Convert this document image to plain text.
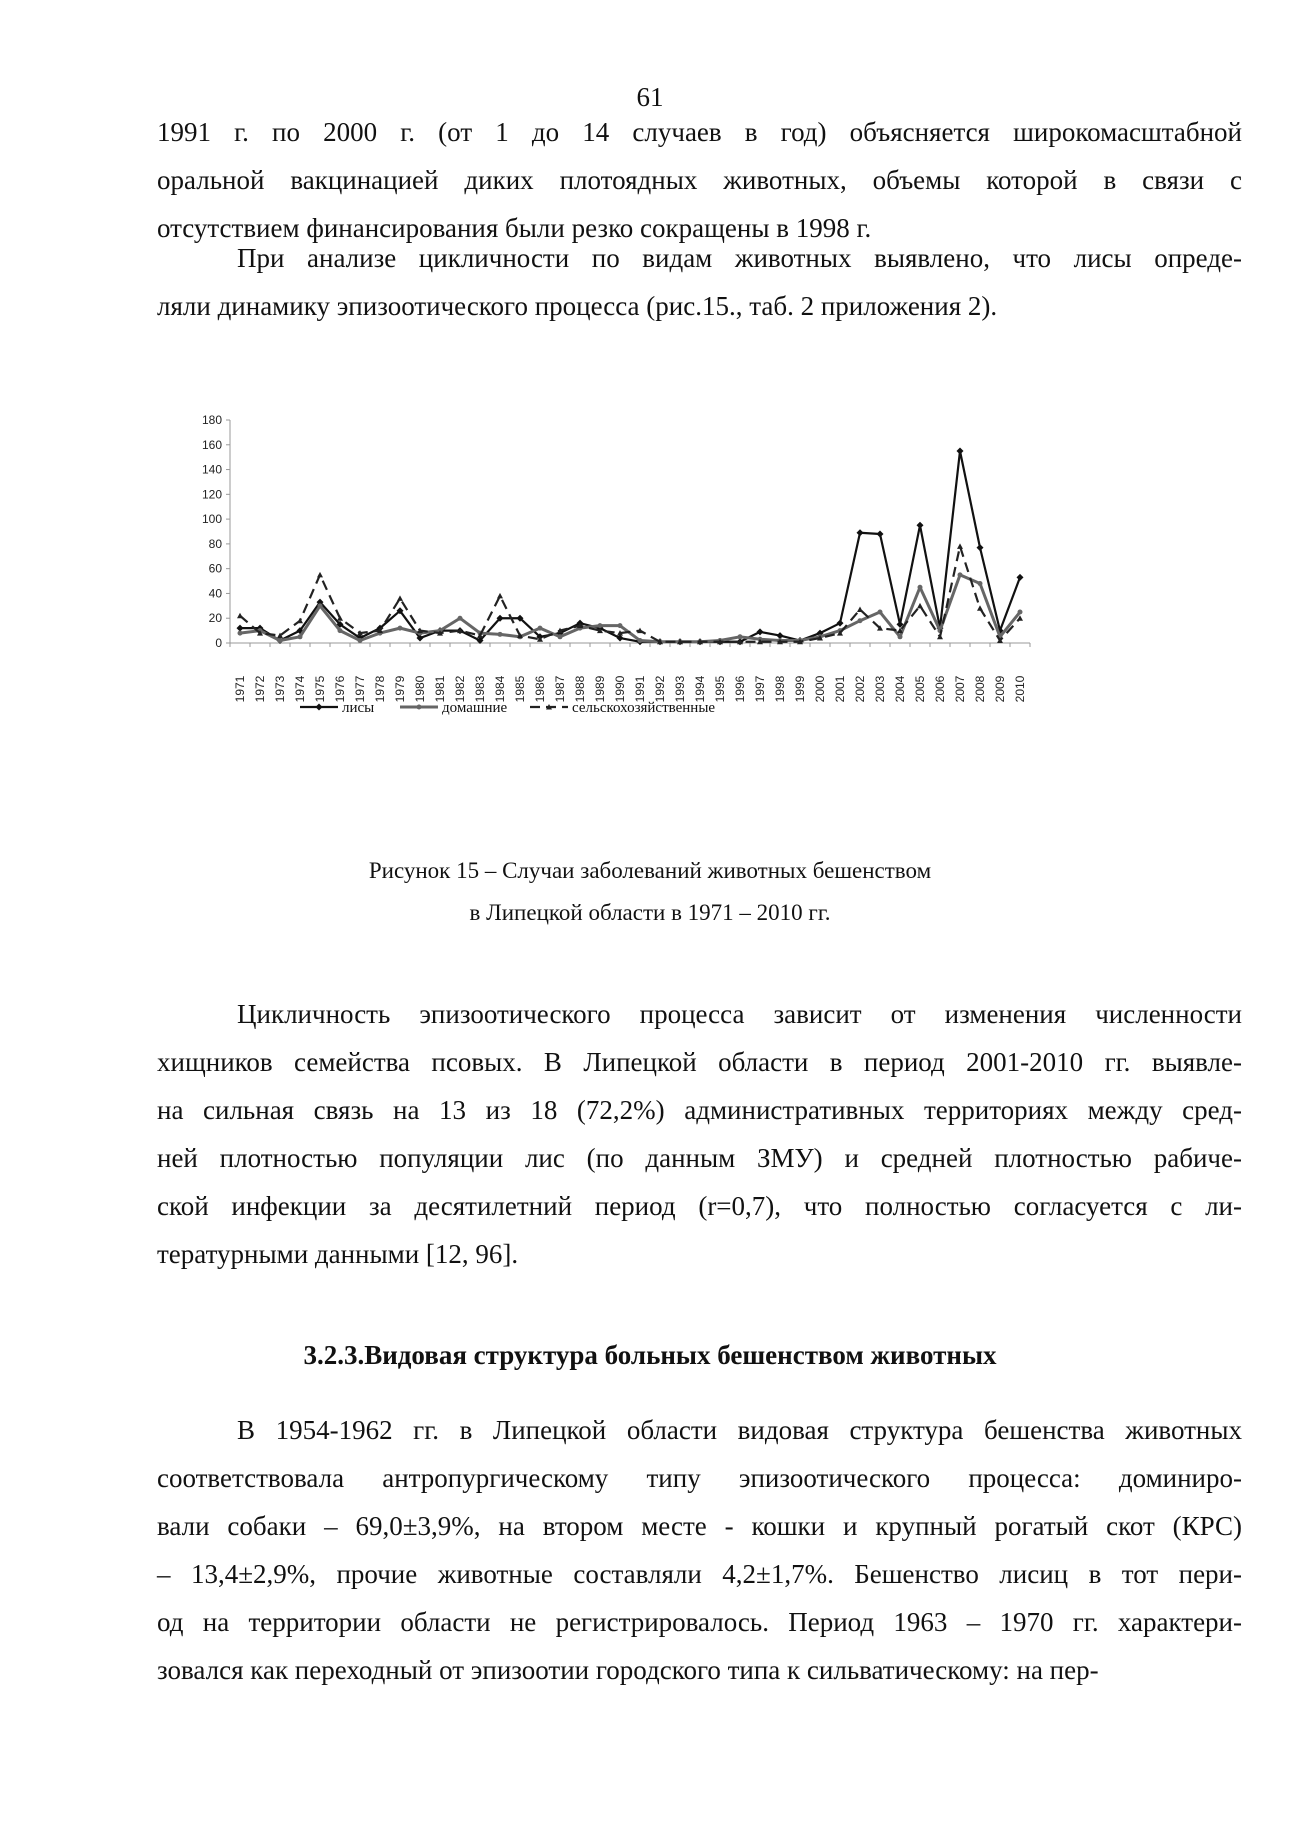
61
1991 г. по 2000 г. (от 1 до 14 случаев в год) объясняется широкомасштабной
оральной вакцинацией диких плотоядных животных, объемы которой в связи с
отсутствием финансирования были резко сокращены в 1998 г.
При анализе цикличности по видам животных выявлено, что лисы опреде-
ляли динамику эпизоотического процесса (рис.15., таб. 2 приложения 2).
0
20
40
60
80
100
120
140
160
180
1971 1972 1973 1974 1975 1976 1977 1978 1979 1980 1981 1982 1983 1984 1985 1986 1987 1988 1989 1990 1991 1992 1993 1994 1995 1996 1997 1998 1999 2000 2001 2002 2003 2004 2005 2006 2007 2008 2009 2010
лисы	домашние	сельскохозяйственные
Рисунок 15 – Случаи заболеваний животных бешенством
в Липецкой области в 1971 – 2010 гг.
Цикличность эпизоотического процесса зависит от изменения численности
хищников семейства псовых. В Липецкой области в период 2001-2010 гг. выявле-
на сильная связь на 13 из 18 (72,2%) административных территориях между сред-
ней плотностью популяции лис (по данным ЗМУ) и средней плотностью рабиче-
ской инфекции за десятилетний период (r=0,7), что полностью согласуется с ли-
тературными данными [12, 96].
3.2.3.Видовая структура больных бешенством животных
В 1954-1962 гг. в Липецкой области видовая структура бешенства животных
соответствовала антропургическому типу эпизоотического процесса: доминиро-
вали собаки – 69,0±3,9%, на втором месте - кошки и крупный рогатый скот (КРС)
– 13,4±2,9%, прочие животные составляли 4,2±1,7%. Бешенство лисиц в тот пери-
од на территории области не регистрировалось. Период 1963 – 1970 гг. характери-
зовался как переходный от эпизоотии городского типа к сильватическому: на пер-
